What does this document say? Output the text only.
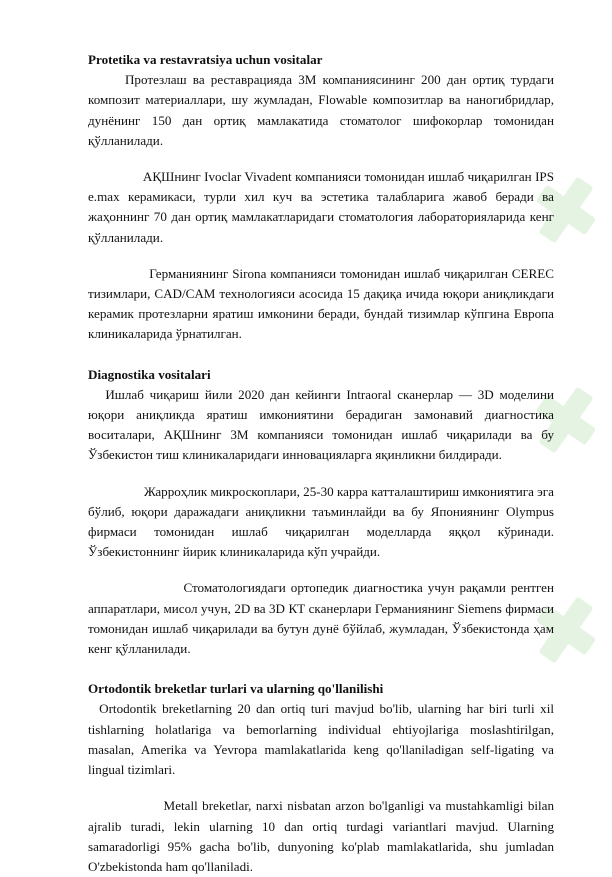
Protetika va restavratsiya uchun vositalar

Протезлаш ва реставрацияда 3M компаниясининг 200 дан ортиқ турдаги композит материаллари, шу жумладан, Flowable композитлар ва наногибридлар, дунёнинг 150 дан ортиқ мамлакатида стоматолог шифокорлар томонидан қўлланилади.

АҚШнинг Ivoclar Vivadent компанияси томонидан ишлаб чиқарилган IPS e.max керамикаси, турли хил куч ва эстетика талабларига жавоб беради ва жаҳоннинг 70 дан ортиқ мамлакатларидаги стоматология лабораторияларида кенг қўлланилади.

Германиянинг Sirona компанияси томонидан ишлаб чиқарилган CEREC тизимлари, CAD/CAM технологияси асосида 15 дақиқа ичида юқори аниқликдаги керамик протезларни яратиш имконини беради, бундай тизимлар кўпгина Европа клиникаларида ўрнатилган.

Diagnostika vositalari

Ишлаб чиқариш йили 2020 дан кейинги Intraoral сканерлар — 3D моделини юқори аниқликда яратиш имкониятини берадиган замонавий диагностика воситалари, АҚШнинг 3M компанияси томонидан ишлаб чиқарилади ва бу Ўзбекистон тиш клиникаларидаги инновацияларга яқинликни билдиради.

Жарроҳлик микроскоплари, 25-30 карра катталаштириш имкониятига эга бўлиб, юқори даражадаги аниқликни таъминлайди ва бу Япониянинг Olympus фирмаси томонидан ишлаб чиқарилган моделларда яққол кўринади. Ўзбекистоннинг йирик клиникаларида кўп учрайди.

Стоматологиядаги ортопедик диагностика учун рақамли рентген аппаратлари, мисол учун, 2D ва 3D КТ сканерлари Германиянинг Siemens фирмаси томонидан ишлаб чиқарилади ва бутун дунё бўйлаб, жумладан, Ўзбекистонда ҳам кенг қўлланилади.

Ortodontik breketlar turlari va ularning qo'llanilishi

Ortodontik breketlarning 20 dan ortiq turi mavjud bo'lib, ularning har biri turli xil tishlarning holatlariga va bemorlarning individual ehtiyojlariga moslashtirilgan, masalan, Amerika va Yevropa mamlakatlarida keng qo'llaniladigan self-ligating va lingual tizimlari.

Metall breketlar, narxi nisbatan arzon bo'lganligi va mustahkamligi bilan ajralib turadi, lekin ularning 10 dan ortiq turdagi variantlari mavjud. Ularning samaradorligi 95% gacha bo'lib, dunyoning ko'plab mamlakatlarida, shu jumladan O'zbekistonda ham qo'llaniladi.
